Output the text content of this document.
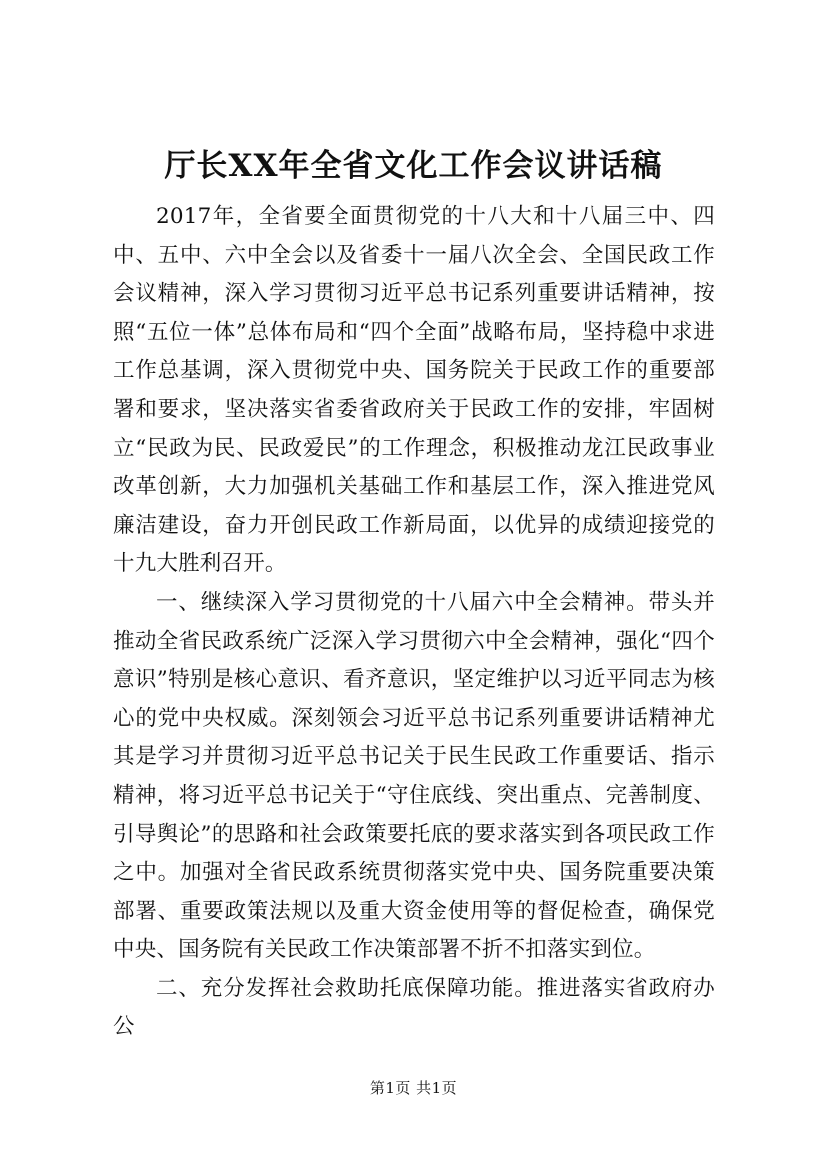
厅长XX年全省文化工作会议讲话稿

2017年，全省要全面贯彻党的十八大和十八届三中、四中、五中、六中全会以及省委十一届八次全会、全国民政工作会议精神，深入学习贯彻习近平总书记系列重要讲话精神，按照“五位一体”总体布局和“四个全面”战略布局，坚持稳中求进工作总基调，深入贯彻党中央、国务院关于民政工作的重要部署和要求，坚决落实省委省政府关于民政工作的安排，牢固树立“民政为民、民政爱民”的工作理念，积极推动龙江民政事业改革创新，大力加强机关基础工作和基层工作，深入推进党风廉洁建设，奋力开创民政工作新局面，以优异的成绩迎接党的十九大胜利召开。

一、继续深入学习贯彻党的十八届六中全会精神。带头并推动全省民政系统广泛深入学习贯彻六中全会精神，强化“四个意识”特别是核心意识、看齐意识，坚定维护以习近平同志为核心的党中央权威。深刻领会习近平总书记系列重要讲话精神尤其是学习并贯彻习近平总书记关于民生民政工作重要话、指示精神，将习近平总书记关于“守住底线、突出重点、完善制度、引导舆论”的思路和社会政策要托底的要求落实到各项民政工作之中。加强对全省民政系统贯彻落实党中央、国务院重要决策部署、重要政策法规以及重大资金使用等的督促检查，确保党中央、国务院有关民政工作决策部署不折不扣落实到位。

二、充分发挥社会救助托底保障功能。推进落实省政府办公

第1页 共1页
